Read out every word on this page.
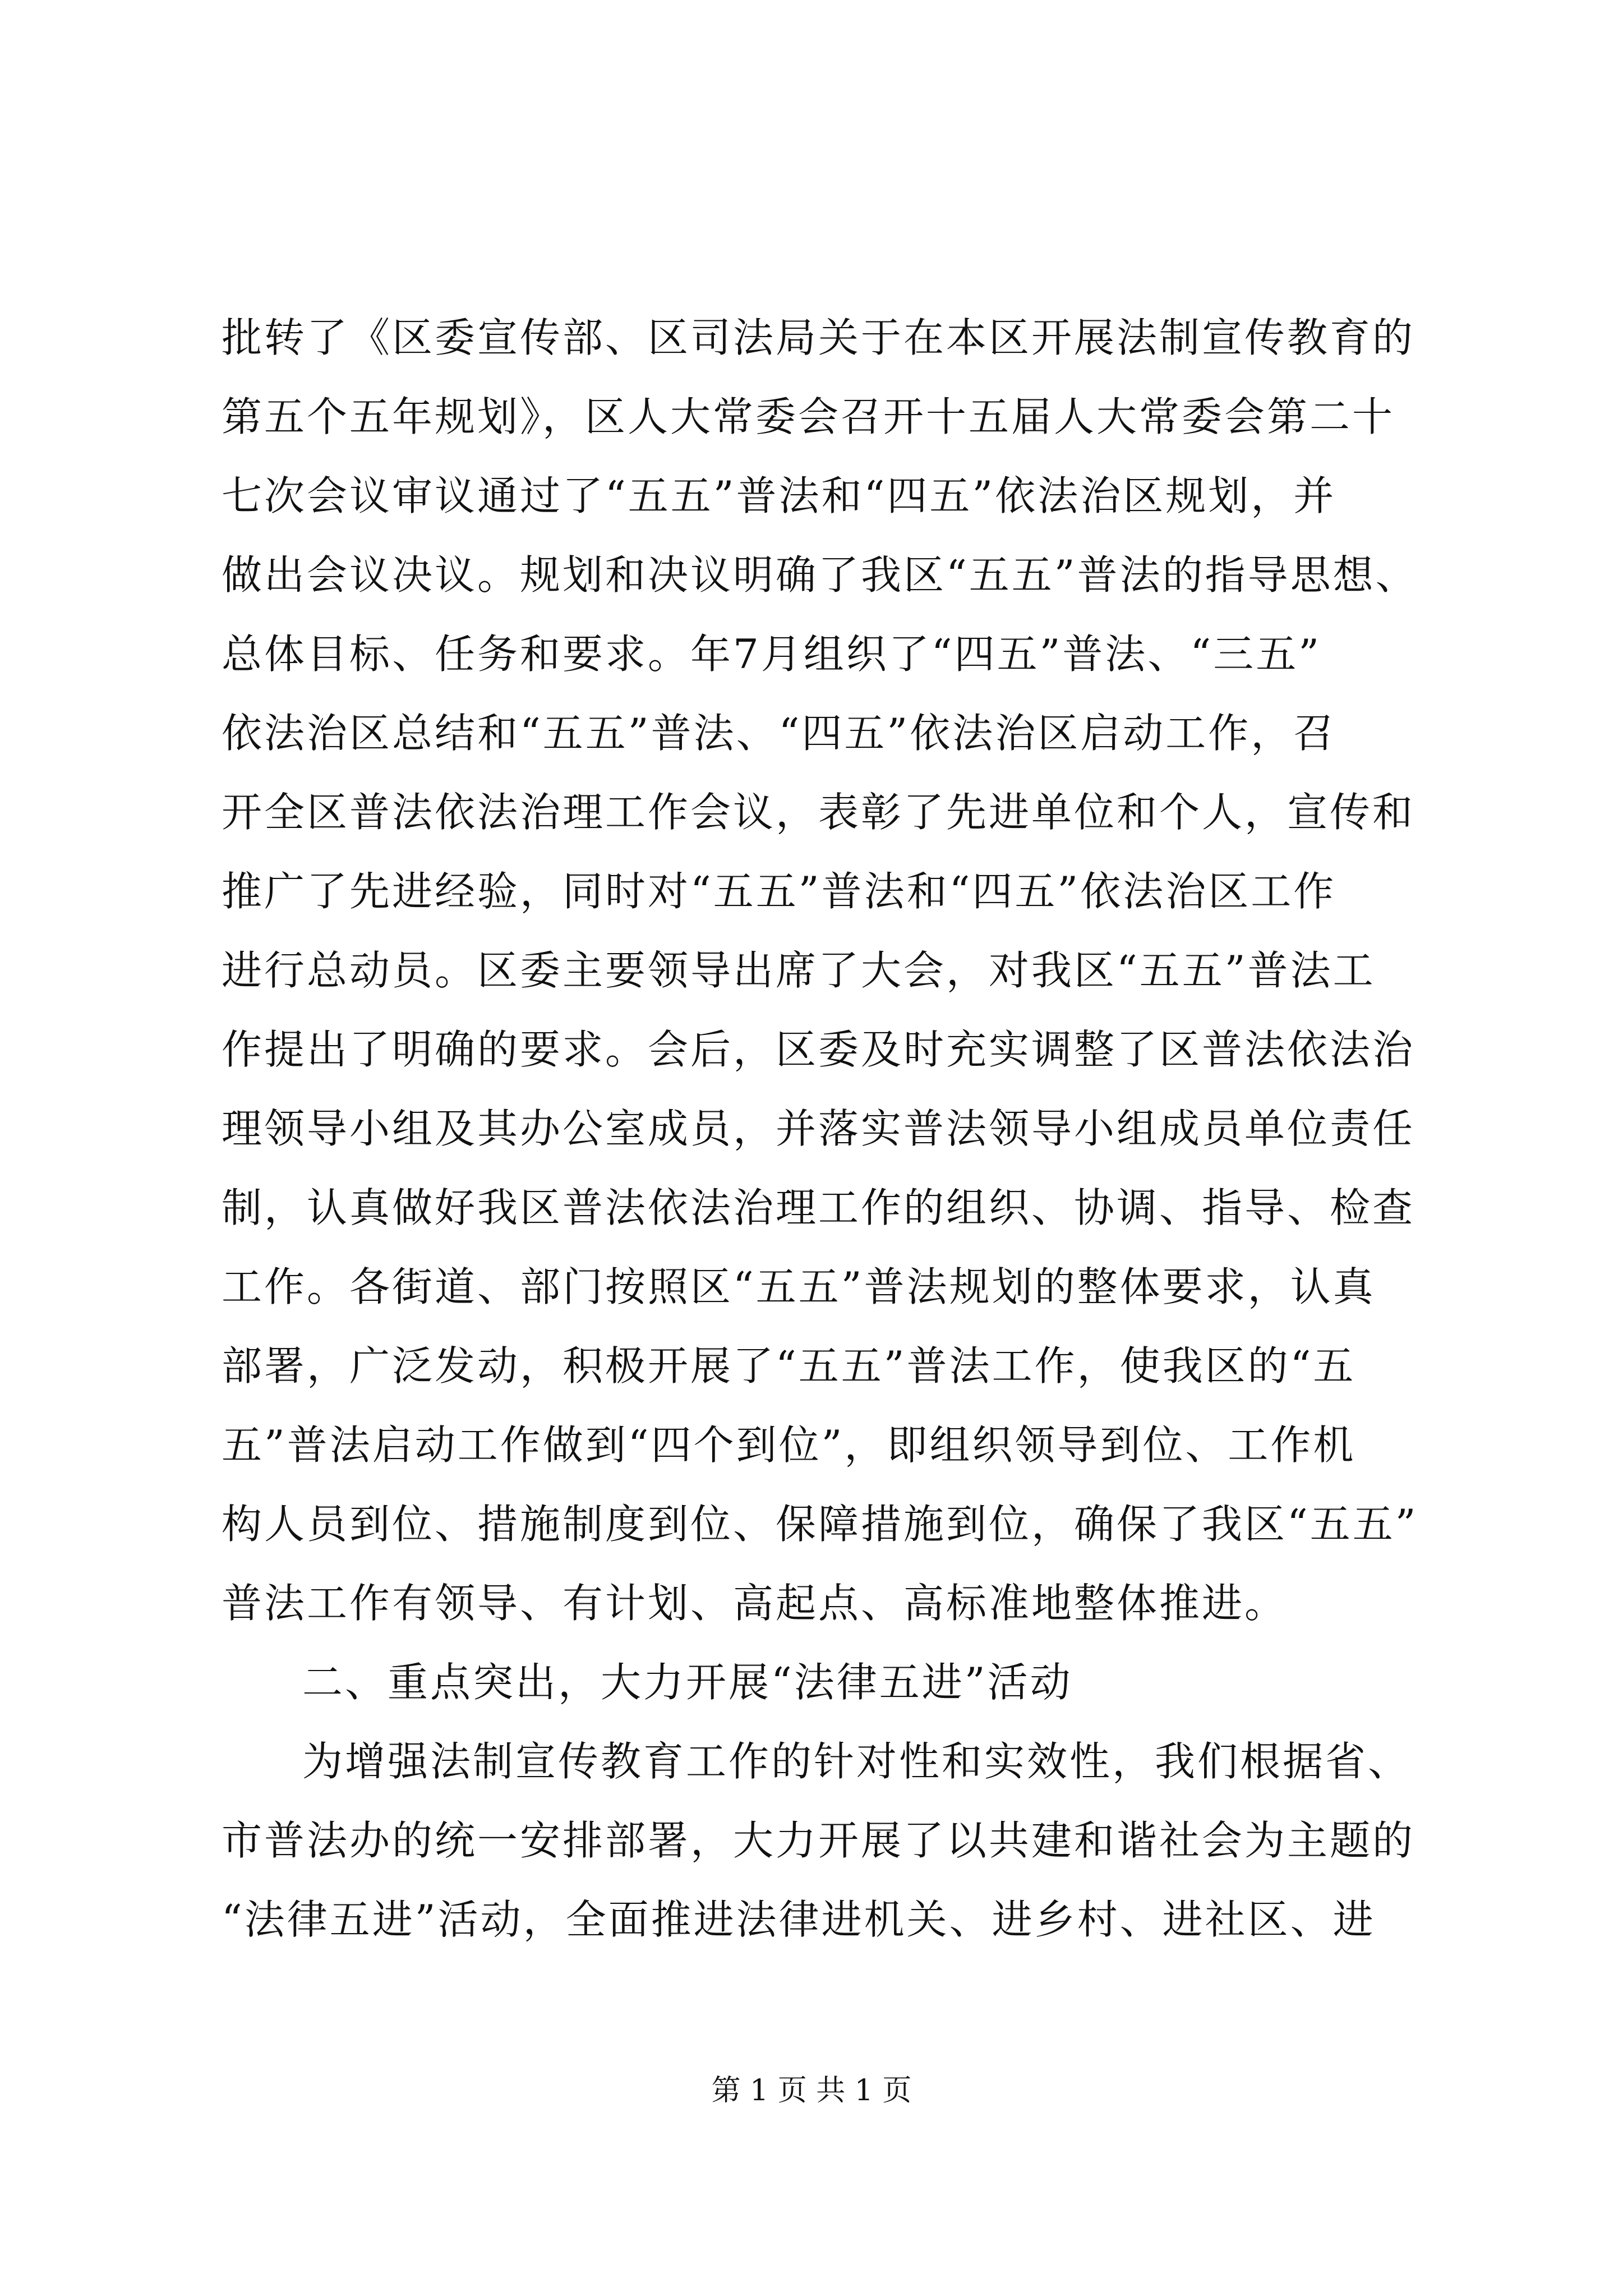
批转了《区委宣传部、区司法局关于在本区开展法制宣传教育的
第五个五年规划》，区人大常委会召开十五届人大常委会第二十
七次会议审议通过了“五五”普法和“四五”依法治区规划，并
做出会议决议。规划和决议明确了我区“五五”普法的指导思想、
总体目标、任务和要求。年7月组织了“四五”普法、“三五”
依法治区总结和“五五”普法、“四五”依法治区启动工作，召
开全区普法依法治理工作会议，表彰了先进单位和个人，宣传和
推广了先进经验，同时对“五五”普法和“四五”依法治区工作
进行总动员。区委主要领导出席了大会，对我区“五五”普法工
作提出了明确的要求。会后，区委及时充实调整了区普法依法治
理领导小组及其办公室成员，并落实普法领导小组成员单位责任
制，认真做好我区普法依法治理工作的组织、协调、指导、检查
工作。各街道、部门按照区“五五”普法规划的整体要求，认真
部署，广泛发动，积极开展了“五五”普法工作，使我区的“五
五”普法启动工作做到“四个到位”，即组织领导到位、工作机
构人员到位、措施制度到位、保障措施到位，确保了我区“五五”
普法工作有领导、有计划、高起点、高标准地整体推进。
二、重点突出，大力开展“法律五进”活动
为增强法制宣传教育工作的针对性和实效性，我们根据省、
市普法办的统一安排部署，大力开展了以共建和谐社会为主题的
“法律五进”活动，全面推进法律进机关、进乡村、进社区、进
第 1 页 共 1 页
